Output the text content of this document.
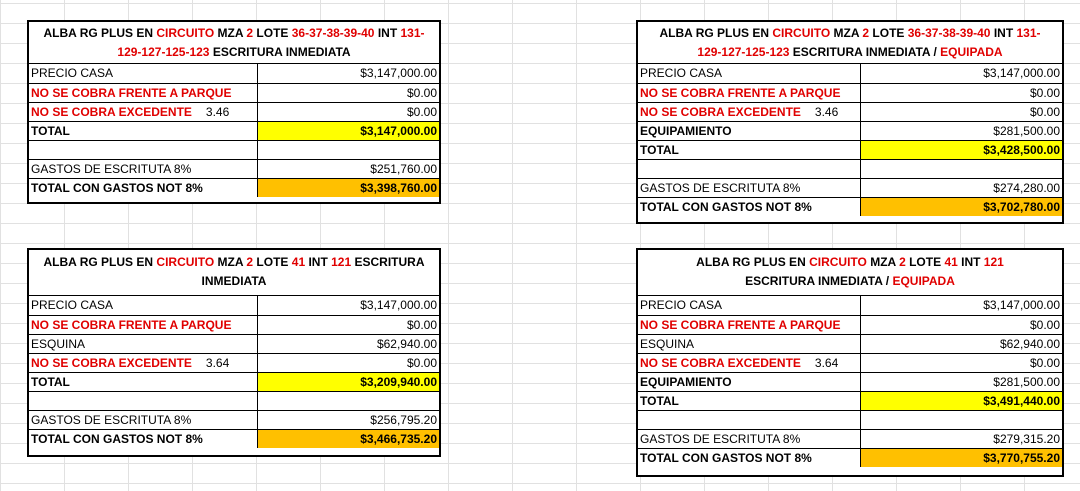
ALBA RG PLUS EN CIRCUITO MZA 2 LOTE 36-37-38-39-40 INT 131-
129-127-125-123 ESCRITURA INMEDIATA
PRECIO CASA	$3,147,000.00
NO SE COBRA FRENTE A PARQUE	$0.00
NO SE COBRA EXCEDENTE 3.46	$0.00
TOTAL	$3,147,000.00

GASTOS DE ESCRITUTA 8%	$251,760.00
TOTAL CON GASTOS NOT 8%	$3,398,760.00
ALBA RG PLUS EN CIRCUITO MZA 2 LOTE 36-37-38-39-40 INT 131-
129-127-125-123 ESCRITURA INMEDIATA / EQUIPADA
PRECIO CASA	$3,147,000.00
NO SE COBRA FRENTE A PARQUE	$0.00
NO SE COBRA EXCEDENTE 3.46	$0.00
EQUIPAMIENTO	$281,500.00
TOTAL	$3,428,500.00

GASTOS DE ESCRITUTA 8%	$274,280.00
TOTAL CON GASTOS NOT 8%	$3,702,780.00
ALBA RG PLUS EN CIRCUITO MZA 2 LOTE 41 INT 121 ESCRITURA INMEDIATA
PRECIO CASA	$3,147,000.00
NO SE COBRA FRENTE A PARQUE	$0.00
ESQUINA	$62,940.00
NO SE COBRA EXCEDENTE 3.64	$0.00
TOTAL	$3,209,940.00

GASTOS DE ESCRITUTA 8%	$256,795.20
TOTAL CON GASTOS NOT 8%	$3,466,735.20
ALBA RG PLUS EN CIRCUITO MZA 2 LOTE 41 INT 121
ESCRITURA INMEDIATA / EQUIPADA
PRECIO CASA	$3,147,000.00
NO SE COBRA FRENTE A PARQUE	$0.00
ESQUINA	$62,940.00
NO SE COBRA EXCEDENTE 3.64	$0.00
EQUIPAMIENTO	$281,500.00
TOTAL	$3,491,440.00

GASTOS DE ESCRITUTA 8%	$279,315.20
TOTAL CON GASTOS NOT 8%	$3,770,755.20
